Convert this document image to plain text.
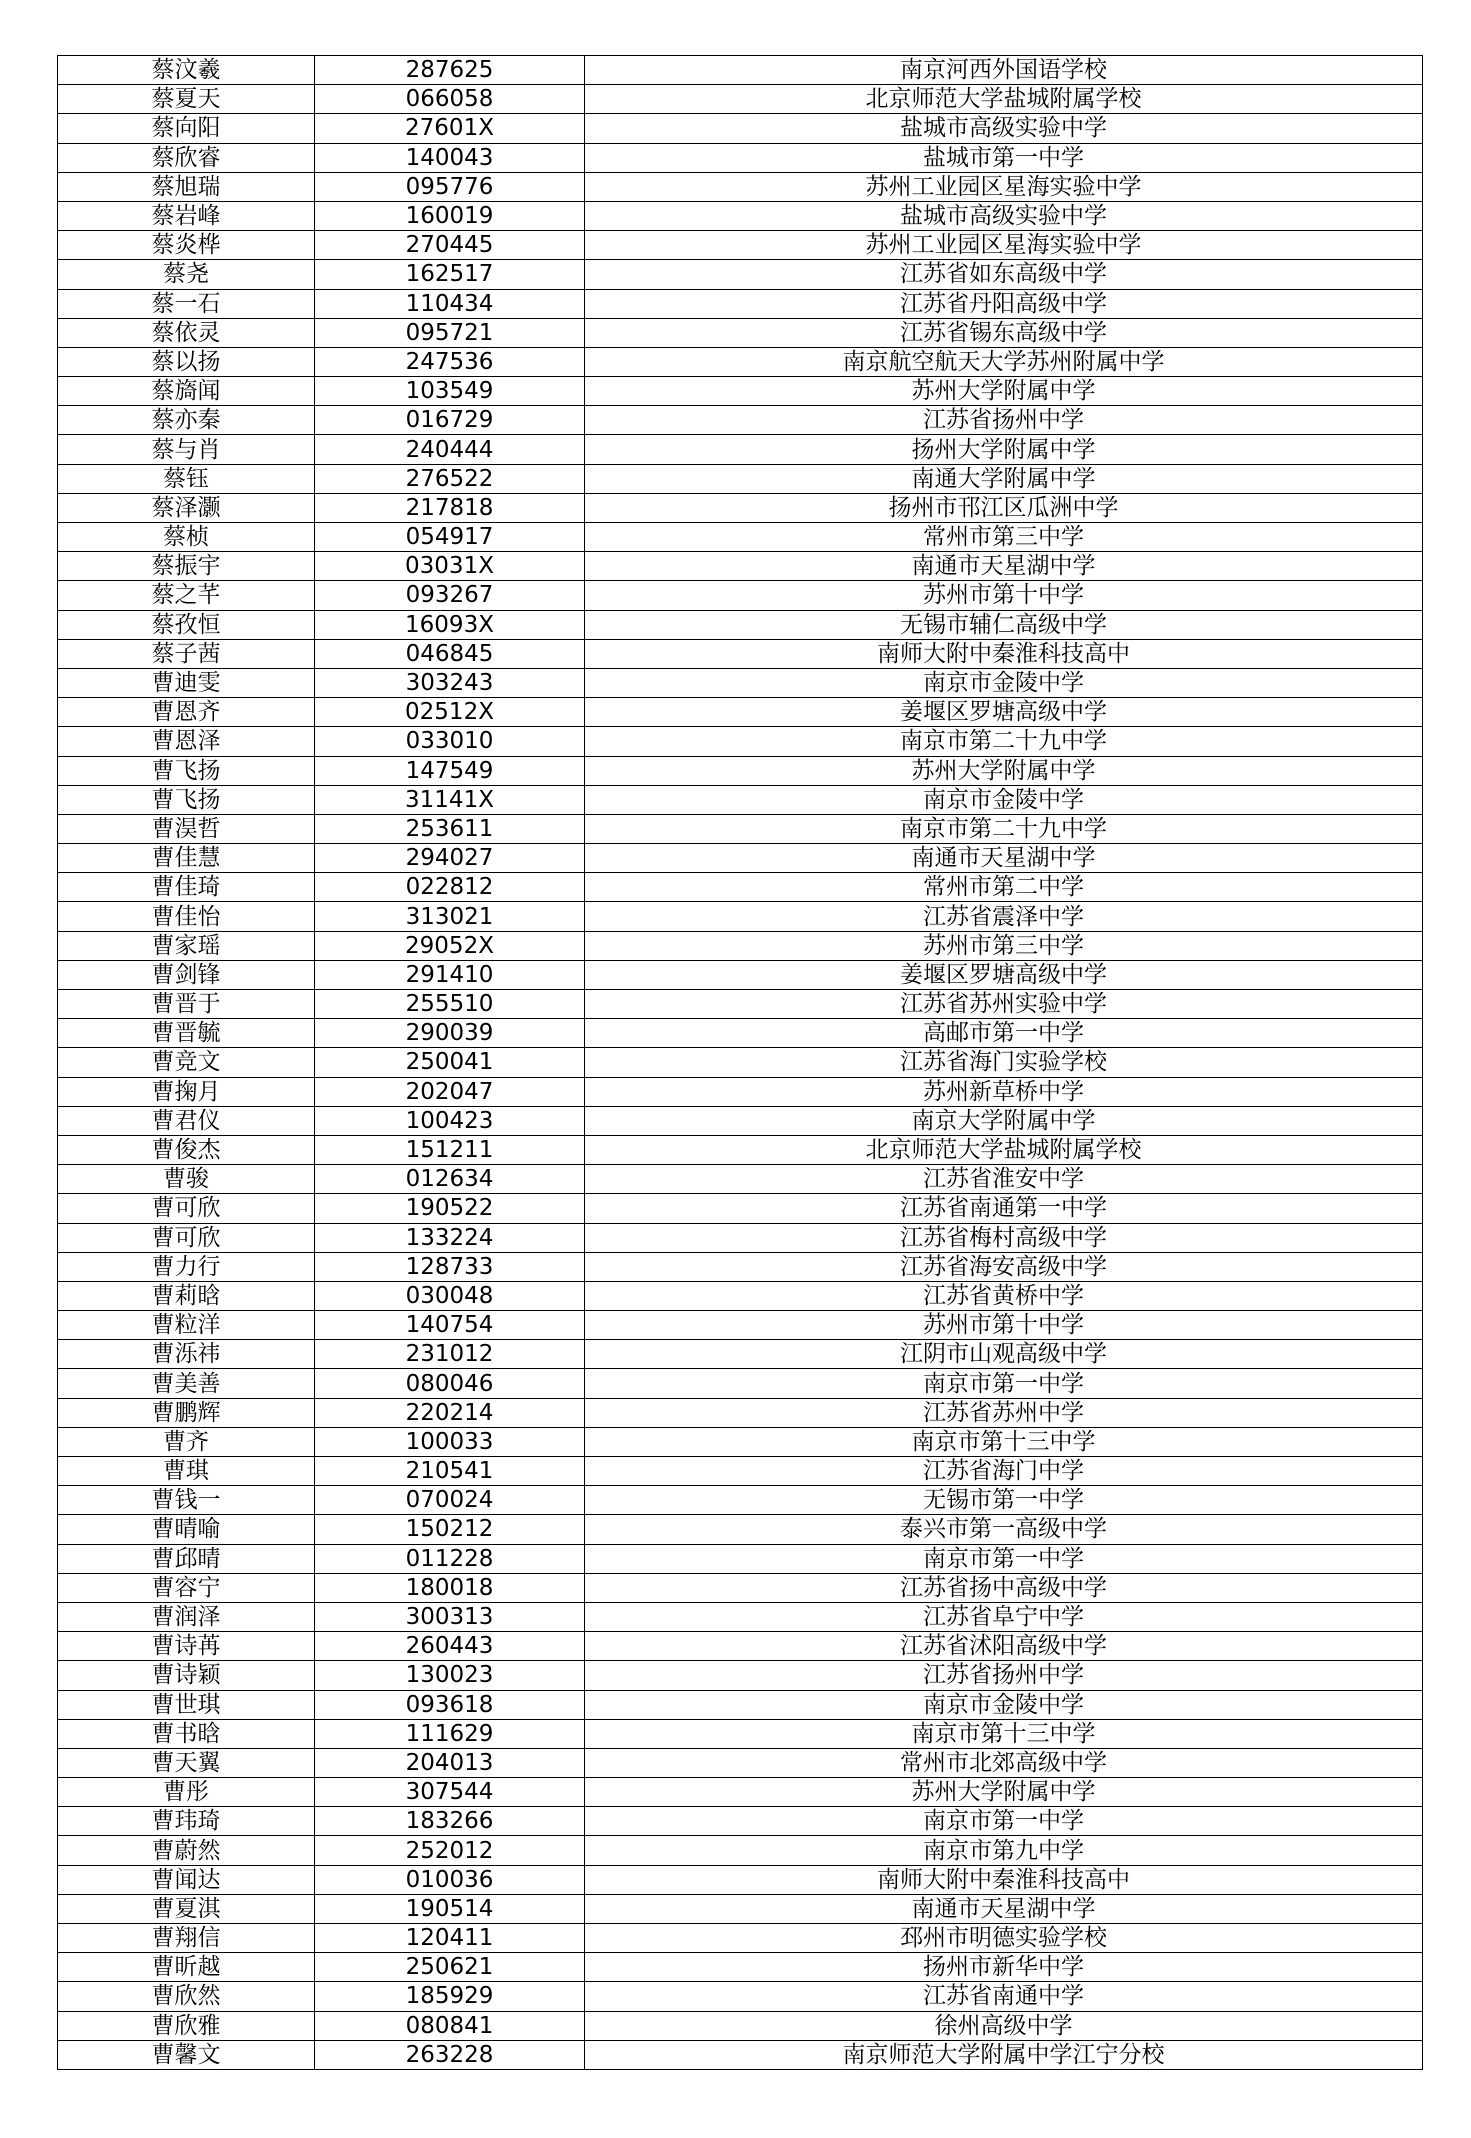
蔡汶羲	287625	南京河西外国语学校
蔡夏天	066058	北京师范大学盐城附属学校
蔡向阳	27601X	盐城市高级实验中学
蔡欣睿	140043	盐城市第一中学
蔡旭瑞	095776	苏州工业园区星海实验中学
蔡岩峰	160019	盐城市高级实验中学
蔡炎桦	270445	苏州工业园区星海实验中学
蔡尧	162517	江苏省如东高级中学
蔡一石	110434	江苏省丹阳高级中学
蔡依灵	095721	江苏省锡东高级中学
蔡以扬	247536	南京航空航天大学苏州附属中学
蔡旖闻	103549	苏州大学附属中学
蔡亦秦	016729	江苏省扬州中学
蔡与肖	240444	扬州大学附属中学
蔡钰	276522	南通大学附属中学
蔡泽灏	217818	扬州市邗江区瓜洲中学
蔡桢	054917	常州市第三中学
蔡振宇	03031X	南通市天星湖中学
蔡之芊	093267	苏州市第十中学
蔡孜恒	16093X	无锡市辅仁高级中学
蔡子茜	046845	南师大附中秦淮科技高中
曹迪雯	303243	南京市金陵中学
曹恩齐	02512X	姜堰区罗塘高级中学
曹恩泽	033010	南京市第二十九中学
曹飞扬	147549	苏州大学附属中学
曹飞扬	31141X	南京市金陵中学
曹淏哲	253611	南京市第二十九中学
曹佳慧	294027	南通市天星湖中学
曹佳琦	022812	常州市第二中学
曹佳怡	313021	江苏省震泽中学
曹家瑶	29052X	苏州市第三中学
曹剑锋	291410	姜堰区罗塘高级中学
曹晋于	255510	江苏省苏州实验中学
曹晋毓	290039	高邮市第一中学
曹竞文	250041	江苏省海门实验学校
曹掬月	202047	苏州新草桥中学
曹君仪	100423	南京大学附属中学
曹俊杰	151211	北京师范大学盐城附属学校
曹骏	012634	江苏省淮安中学
曹可欣	190522	江苏省南通第一中学
曹可欣	133224	江苏省梅村高级中学
曹力行	128733	江苏省海安高级中学
曹莉晗	030048	江苏省黄桥中学
曹粒洋	140754	苏州市第十中学
曹泺祎	231012	江阴市山观高级中学
曹美善	080046	南京市第一中学
曹鹏辉	220214	江苏省苏州中学
曹齐	100033	南京市第十三中学
曹琪	210541	江苏省海门中学
曹钱一	070024	无锡市第一中学
曹晴喻	150212	泰兴市第一高级中学
曹邱晴	011228	南京市第一中学
曹容宁	180018	江苏省扬中高级中学
曹润泽	300313	江苏省阜宁中学
曹诗苒	260443	江苏省沭阳高级中学
曹诗颖	130023	江苏省扬州中学
曹世琪	093618	南京市金陵中学
曹书晗	111629	南京市第十三中学
曹天翼	204013	常州市北郊高级中学
曹彤	307544	苏州大学附属中学
曹玮琦	183266	南京市第一中学
曹蔚然	252012	南京市第九中学
曹闻达	010036	南师大附中秦淮科技高中
曹夏淇	190514	南通市天星湖中学
曹翔信	120411	邳州市明德实验学校
曹昕越	250621	扬州市新华中学
曹欣然	185929	江苏省南通中学
曹欣雅	080841	徐州高级中学
曹馨文	263228	南京师范大学附属中学江宁分校
